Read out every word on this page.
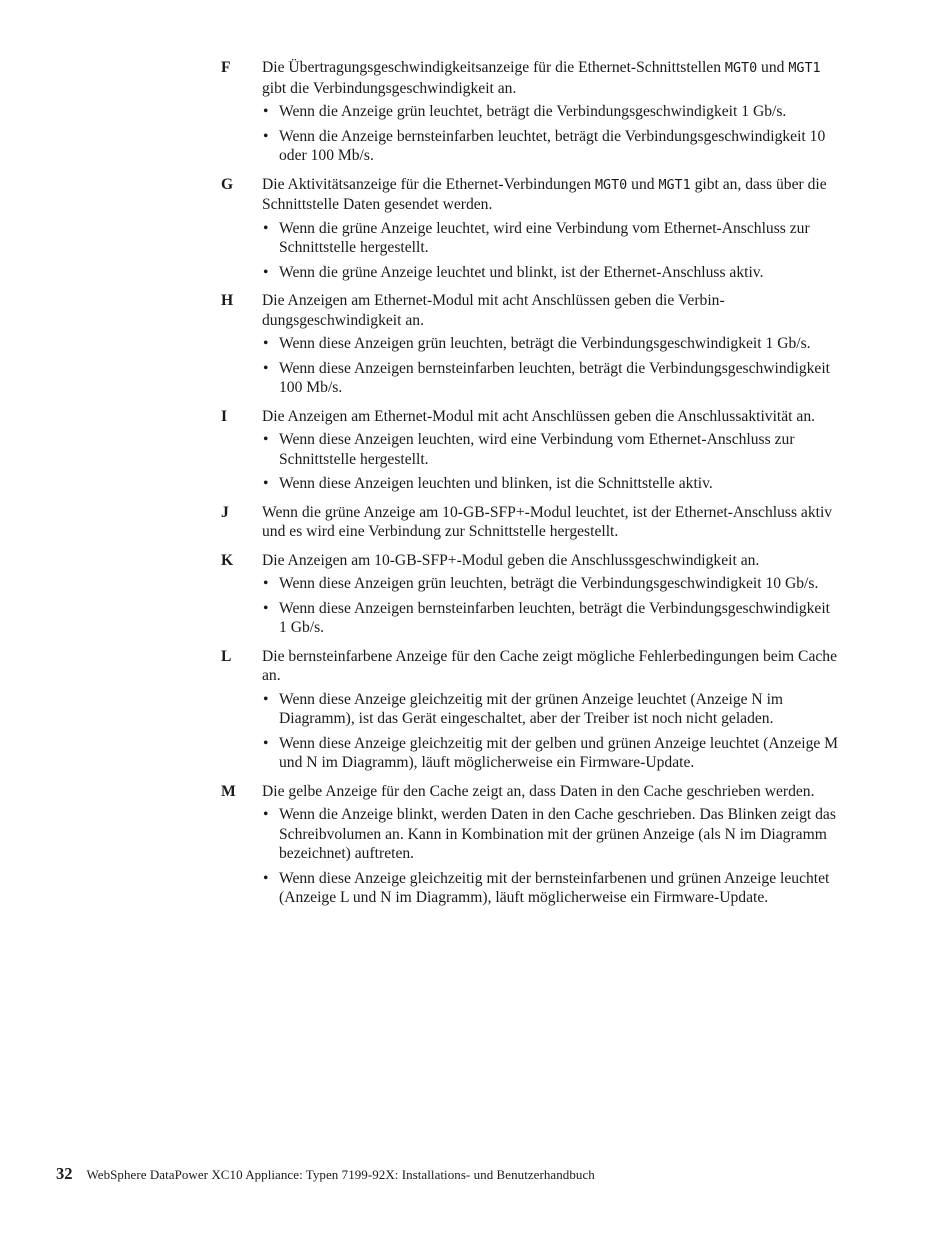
F	Die Übertragungsgeschwindigkeitsanzeige für die Ethernet-Schnittstellen MGT0 und MGT1 gibt die Verbindungsgeschwindigkeit an.

• Wenn die Anzeige grün leuchtet, beträgt die Verbindungsgeschwindigkeit 1 Gb/s.
• Wenn die Anzeige bernsteinfarben leuchtet, beträgt die Verbindungsgeschwindigkeit 10 oder 100 Mb/s.
G	Die Aktivitätsanzeige für die Ethernet-Verbindungen MGT0 und MGT1 gibt an, dass über die Schnittstelle Daten gesendet werden.

• Wenn die grüne Anzeige leuchtet, wird eine Verbindung vom Ethernet-Anschluss zur Schnittstelle hergestellt.
• Wenn die grüne Anzeige leuchtet und blinkt, ist der Ethernet-Anschluss aktiv.
H	Die Anzeigen am Ethernet-Modul mit acht Anschlüssen geben die Verbindungsgeschwindigkeit an.

• Wenn diese Anzeigen grün leuchten, beträgt die Verbindungsgeschwindigkeit 1 Gb/s.
• Wenn diese Anzeigen bernsteinfarben leuchten, beträgt die Verbindungsgeschwindigkeit 100 Mb/s.
I	Die Anzeigen am Ethernet-Modul mit acht Anschlüssen geben die Anschlussaktivität an.

• Wenn diese Anzeigen leuchten, wird eine Verbindung vom Ethernet-Anschluss zur Schnittstelle hergestellt.
• Wenn diese Anzeigen leuchten und blinken, ist die Schnittstelle aktiv.
J	Wenn die grüne Anzeige am 10-GB-SFP+-Modul leuchtet, ist der Ethernet-Anschluss aktiv und es wird eine Verbindung zur Schnittstelle hergestellt.

K	Die Anzeigen am 10-GB-SFP+-Modul geben die Anschlussgeschwindigkeit an.

• Wenn diese Anzeigen grün leuchten, beträgt die Verbindungsgeschwindigkeit 10 Gb/s.
• Wenn diese Anzeigen bernsteinfarben leuchten, beträgt die Verbindungsgeschwindigkeit 1 Gb/s.
L	Die bernsteinfarbene Anzeige für den Cache zeigt mögliche Fehlerbedingungen beim Cache an.

• Wenn diese Anzeige gleichzeitig mit der grünen Anzeige leuchtet (Anzeige N im Diagramm), ist das Gerät eingeschaltet, aber der Treiber ist noch nicht geladen.
• Wenn diese Anzeige gleichzeitig mit der gelben und grünen Anzeige leuchtet (Anzeige M und N im Diagramm), läuft möglicherweise ein Firmware-Update.
M	Die gelbe Anzeige für den Cache zeigt an, dass Daten in den Cache geschrieben werden.

• Wenn die Anzeige blinkt, werden Daten in den Cache geschrieben. Das Blinken zeigt das Schreibvolumen an. Kann in Kombination mit der grünen Anzeige (als N im Diagramm bezeichnet) auftreten.
• Wenn diese Anzeige gleichzeitig mit der bernsteinfarbenen und grünen Anzeige leuchtet (Anzeige L und N im Diagramm), läuft möglicherweise ein Firmware-Update.
32 WebSphere DataPower XC10 Appliance: Typen 7199-92X: Installations- und Benutzerhandbuch
